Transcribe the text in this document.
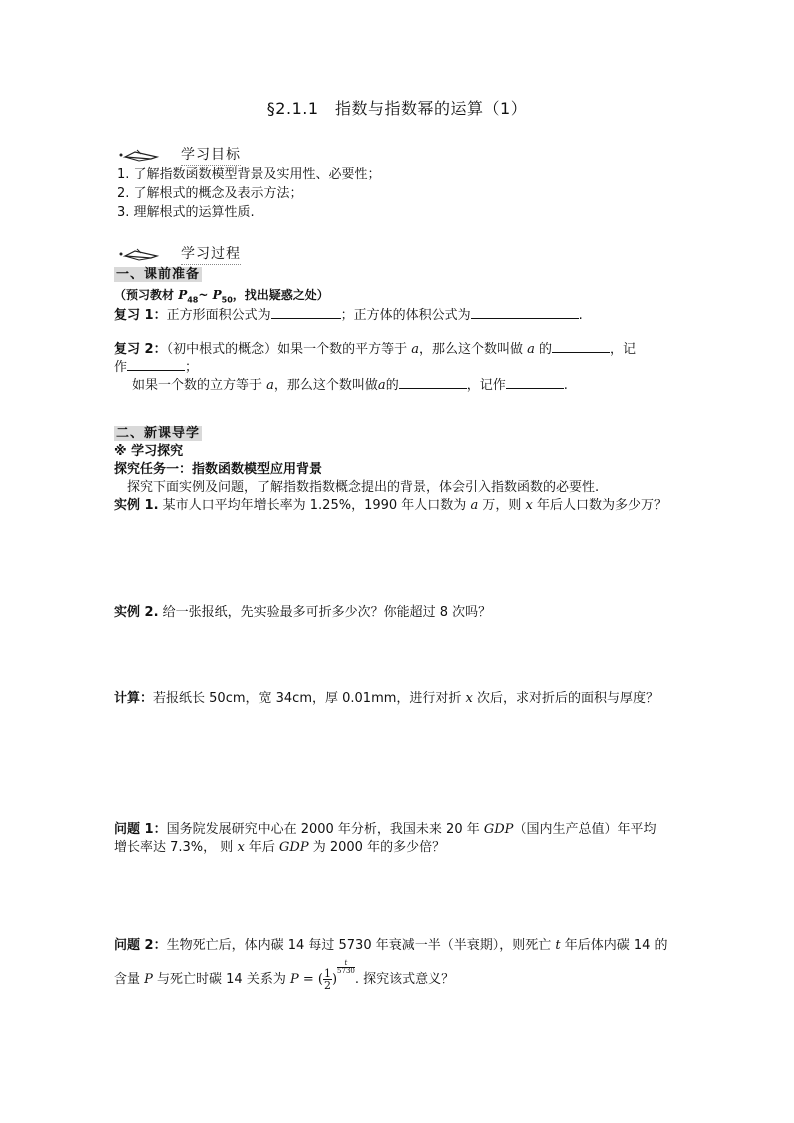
§2.1.1　指数与指数幂的运算（1）
学习目标
1. 了解指数函数模型背景及实用性、必要性；
2. 了解根式的概念及表示方法；
3. 理解根式的运算性质.
学习过程
一、课前准备
（预习教材 $P_{48}\sim$ $P_{50}$，找出疑惑之处）
复习 1：正方形面积公式为	；正方体的体积公式为	.
复习 2：（初中根式的概念）如果一个数的平方等于 a，那么这个数叫做 a 的	，记
作	；
如果一个数的立方等于 a，那么这个数叫做a的	，记作	.
二、新课导学
※ 学习探究
探究任务一：指数函数模型应用背景
探究下面实例及问题，了解指数指数概念提出的背景，体会引入指数函数的必要性.
实例 1. 某市人口平均年增长率为 1.25%，1990 年人口数为 a 万，则 x 年后人口数为多少万？
实例 2. 给一张报纸，先实验最多可折多少次？你能超过 8 次吗？
计算：若报纸长 50cm，宽 34cm，厚 0.01mm，进行对折 x 次后，求对折后的面积与厚度？
问题 1：国务院发展研究中心在 2000 年分析，我国未来 20 年 GDP（国内生产总值）年平均
增长率达 7.3%， 则 x 年后 GDP 为 2000 年的多少倍？
问题 2：生物死亡后，体内碳 14 每过 5730 年衰减一半（半衰期），则死亡 t 年后体内碳 14 的
含量 P 与死亡时碳 14 关系为 P = ( $\frac{1}{2}$ )
$\frac{t}{5730}$
. 探究该式意义？
